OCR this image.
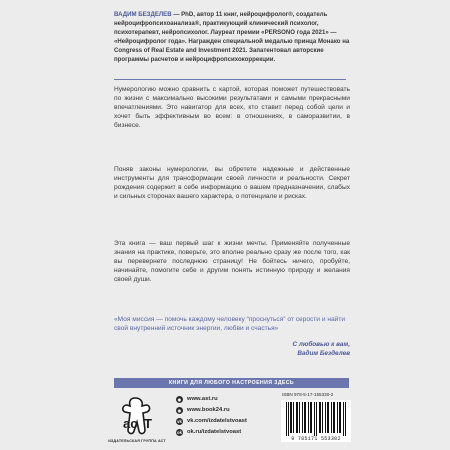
ВАДИМ БЕЗДЕЛЕВ — PhD, автор 11 книг, нейроцифролог®, создатель нейроцифропсихоанализа®, практикующий клинический психолог, психотерапевт, нейропсихолог. Лауреат премии «PERSONO года 2021» — «Нейроцифролог года». Награжден специальной медалью принца Монако на Congress of Real Estate and Investment 2021. Запатентовал авторские программы расчетов и нейроцифропсихокоррекции.
Нумерологию можно сравнить с картой, которая поможет путешествовать по жизни с максимально высокими результатами и самыми прекрасными впечатлениями. Это навигатор для всех, кто ставит перед собой цели и хочет быть эффективным во всем: в отношениях, в саморазвитии, в бизнесе.
Поняв законы нумерологии, вы обретете надежные и действенные инструменты для трансформации своей личности и реальности. Секрет рождения содержит в себе информацию о вашем предназначении, слабых и сильных сторонах вашего характера, о потенциале и рисках.
Эта книга — ваш первый шаг к жизни мечты. Применяйте полученные знания на практике, поверьте, это вполне реально сразу же после того, как вы перевернете последнюю страницу! Не бойтесь ничего, пробуйте, начинайте, помогите себе и другим понять истинную природу и желания своей души.
«Моя миссия — помочь каждому человеку “проснуться” от серости и найти свой внутренний источник энергии, любви и счастья»
С любовью к вам,
Вадим Безделев
КНИГИ ДЛЯ ЛЮБОГО НАСТРОЕНИЯ ЗДЕСЬ
ac T
ИЗДАТЕЛЬСКАЯ ГРУППА АСТ
◉ www.ast.ru
◉ www.book24.ru
vk vk.com/izdatelstvoast
ok ok.ru/izdatelstvoast
ISBN 978-5-17-155330-2
9 785171 553302
